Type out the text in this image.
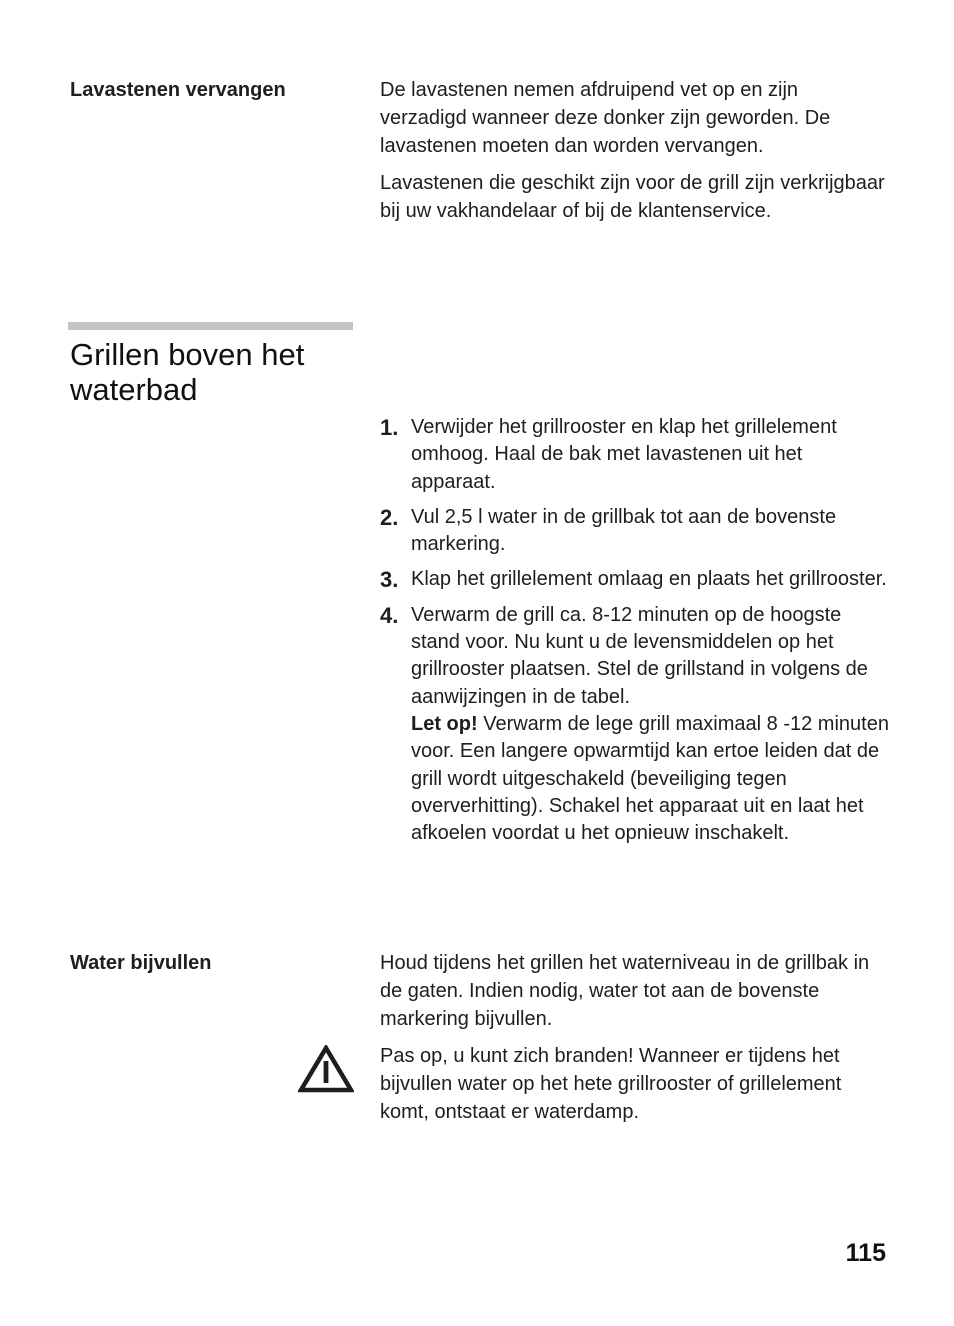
Lavastenen vervangen	De lavastenen nemen afdruipend vet op en zijn verzadigd wanneer deze donker zijn geworden. De lavastenen moeten dan worden vervangen.

Lavastenen die geschikt zijn voor de grill zijn verkrijgbaar bij uw vakhandelaar of bij de klantenservice.

Grillen boven het waterbad
1. Verwijder het grillrooster en klap het grillelement omhoog. Haal de bak met lavastenen uit het apparaat.
2. Vul 2,5 l water in de grillbak tot aan de bovenste markering.
3. Klap het grillelement omlaag en plaats het grillrooster.
4. Verwarm de grill ca. 8-12 minuten op de hoogste stand voor. Nu kunt u de levensmiddelen op het grillrooster plaatsen. Stel de grillstand in volgens de aanwijzingen in de tabel.
Let op! Verwarm de lege grill maximaal 8 -12 minuten voor. Een langere opwarmtijd kan ertoe leiden dat de grill wordt uitgeschakeld (beveiliging tegen oververhitting). Schakel het apparaat uit en laat het afkoelen voordat u het opnieuw inschakelt.
Water bijvullen	Houd tijdens het grillen het waterniveau in de grillbak in de gaten. Indien nodig, water tot aan de bovenste markering bijvullen.

Pas op, u kunt zich branden! Wanneer er tijdens het bijvullen water op het hete grillrooster of grillelement komt, ontstaat er waterdamp.

115
